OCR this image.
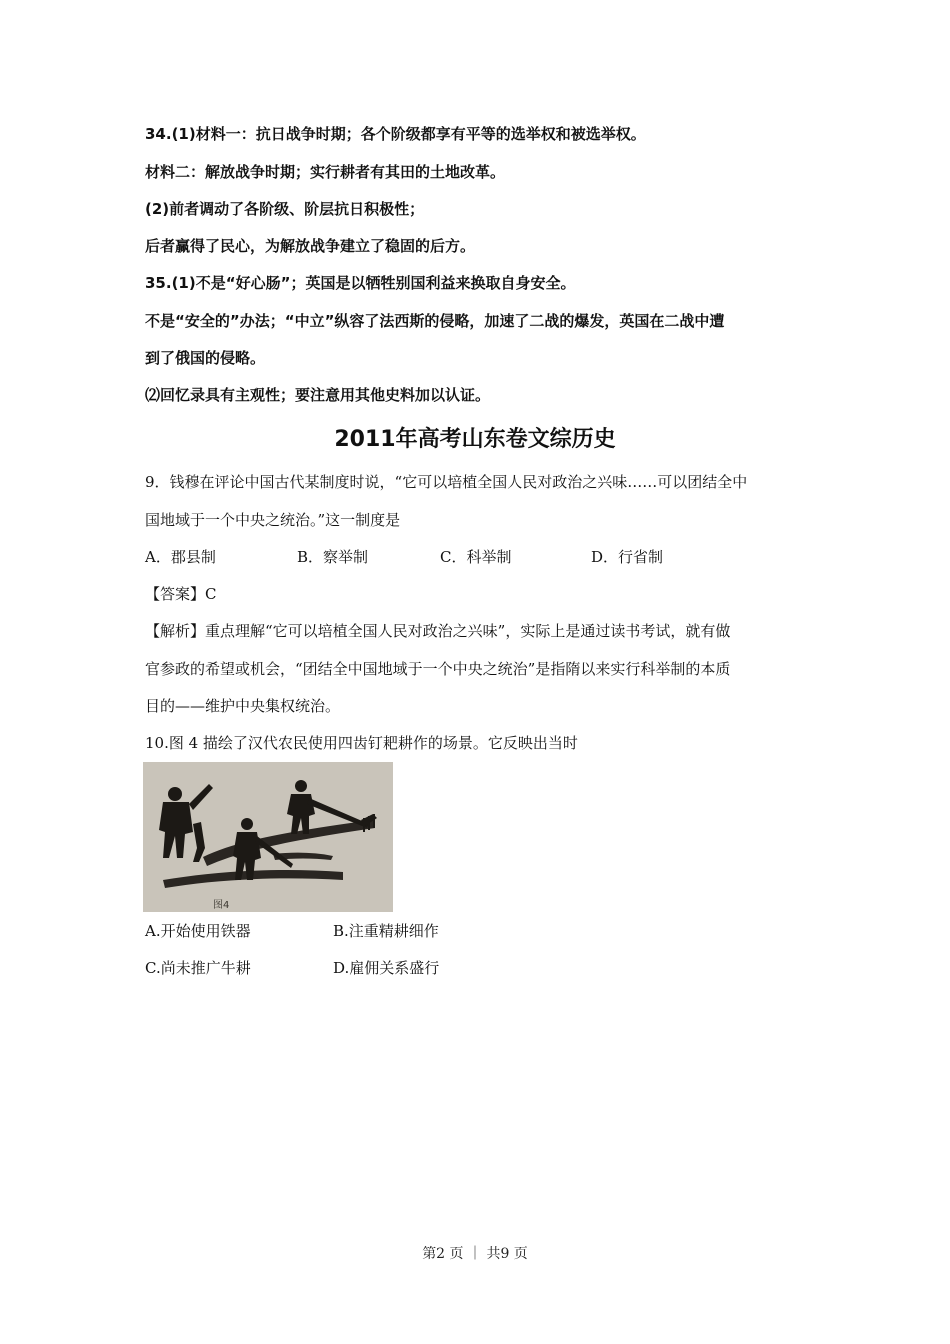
34.(1)材料一：抗日战争时期；各个阶级都享有平等的选举权和被选举权。
材料二：解放战争时期；实行耕者有其田的土地改革。
(2)前者调动了各阶级、阶层抗日积极性；
后者赢得了民心，为解放战争建立了稳固的后方。
35.(1)不是“好心肠”；英国是以牺牲别国利益来换取自身安全。
不是“安全的”办法；“中立”纵容了法西斯的侵略，加速了二战的爆发，英国在二战中遭
到了俄国的侵略。
⑵回忆录具有主观性；要注意用其他史料加以认证。
2011年高考山东卷文综历史
9．钱穆在评论中国古代某制度时说，“它可以培植全国人民对政治之兴味……可以团结全中
国地域于一个中央之统治。”这一制度是
A．郡县制	B．察举制	C．科举制	D．行省制
【答案】C
【解析】重点理解“它可以培植全国人民对政治之兴味”，实际上是通过读书考试，就有做
官参政的希望或机会，“团结全中国地域于一个中央之统治”是指隋以来实行科举制的本质
目的——维护中央集权统治。
10.图 4 描绘了汉代农民使用四齿钉耙耕作的场景。它反映出当时
图4
A.开始使用铁器	B.注重精耕细作
C.尚未推广牛耕	D.雇佣关系盛行
第2 页 ｜ 共9 页
